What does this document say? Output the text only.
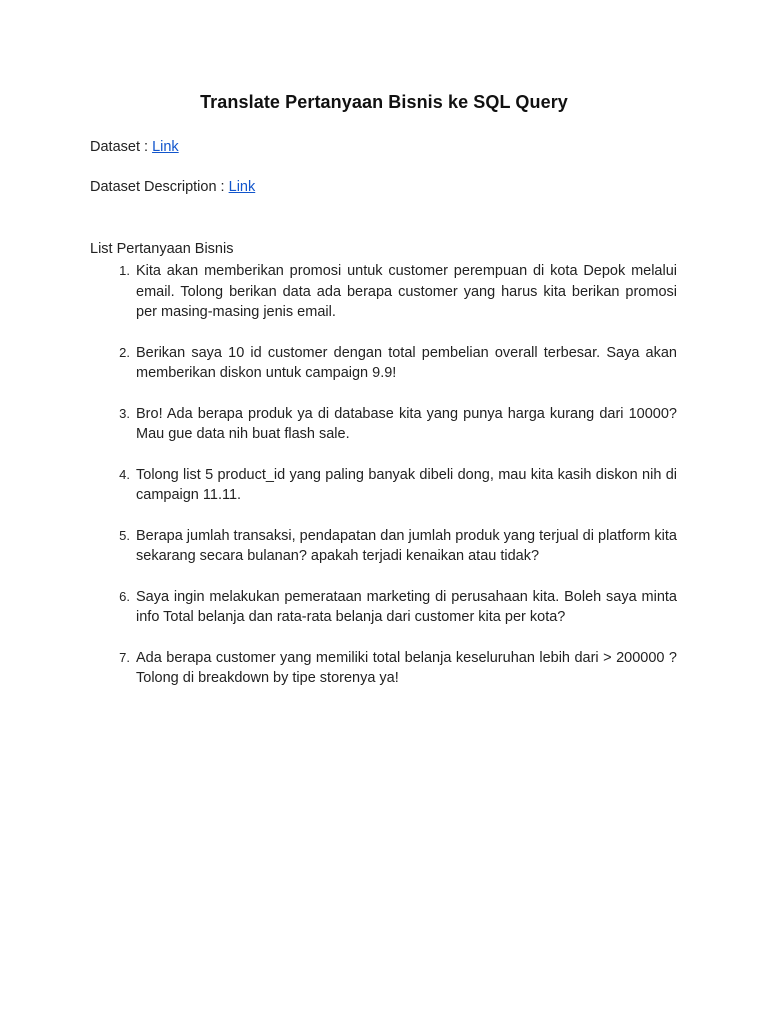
Translate Pertanyaan Bisnis ke SQL Query
Dataset : Link
Dataset Description : Link
List Pertanyaan Bisnis
1. Kita akan memberikan promosi untuk customer perempuan di kota Depok melalui email. Tolong berikan data ada berapa customer yang harus kita berikan promosi per masing-masing jenis email.
2. Berikan saya 10 id customer dengan total pembelian overall terbesar. Saya akan memberikan diskon untuk campaign 9.9!
3. Bro! Ada berapa produk ya di database kita yang punya harga kurang dari 10000? Mau gue data nih buat flash sale.
4. Tolong list 5 product_id yang paling banyak dibeli dong, mau kita kasih diskon nih di campaign 11.11.
5. Berapa jumlah transaksi, pendapatan dan jumlah produk yang terjual di platform kita sekarang secara bulanan? apakah terjadi kenaikan atau tidak?
6. Saya ingin melakukan pemerataan marketing di perusahaan kita. Boleh saya minta info Total belanja dan rata-rata belanja dari customer kita per kota?
7. Ada berapa customer yang memiliki total belanja keseluruhan lebih dari > 200000 ? Tolong di breakdown by tipe storenya ya!
